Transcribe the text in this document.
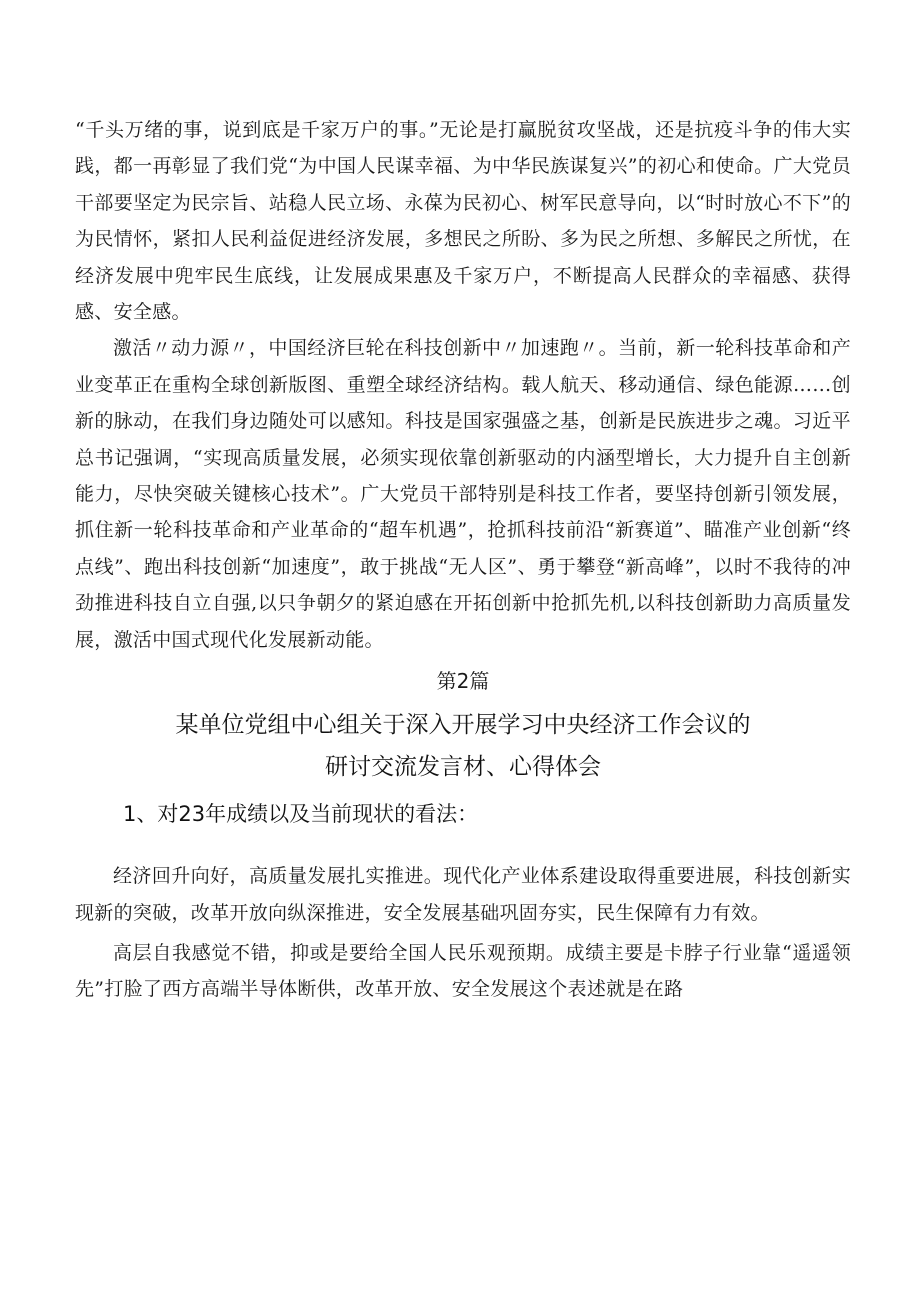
“千头万绪的事，说到底是千家万户的事。”无论是打赢脱贫攻坚战，还是抗疫斗争的伟大实践，都一再彰显了我们党“为中国人民谋幸福、为中华民族谋复兴”的初心和使命。广大党员干部要坚定为民宗旨、站稳人民立场、永葆为民初心、树军民意导向，以“时时放心不下”的为民情怀，紧扣人民利益促进经济发展，多想民之所盼、多为民之所想、多解民之所忧，在经济发展中兜牢民生底线，让发展成果惠及千家万户，不断提高人民群众的幸福感、获得感、安全感。

激活〃动力源〃，中国经济巨轮在科技创新中〃加速跑〃。当前，新一轮科技革命和产业变革正在重构全球创新版图、重塑全球经济结构。载人航天、移动通信、绿色能源……创新的脉动，在我们身边随处可以感知。科技是国家强盛之基，创新是民族进步之魂。习近平总书记强调，“实现高质量发展，必须实现依靠创新驱动的内涵型增长，大力提升自主创新能力，尽快突破关键核心技术”。广大党员干部特别是科技工作者，要坚持创新引领发展，抓住新一轮科技革命和产业革命的“超车机遇”，抢抓科技前沿“新赛道”、瞄准产业创新“终点线”、跑出科技创新“加速度”，敢于挑战“无人区”、勇于攀登“新高峰”，以时不我待的冲劲推进科技自立自强,以只争朝夕的紧迫感在开拓创新中抢抓先机,以科技创新助力高质量发展，激活中国式现代化发展新动能。

第2篇
某单位党组中心组关于深入开展学习中央经济工作会议的
研讨交流发言材、心得体会
1、对23年成绩以及当前现状的看法：

经济回升向好，高质量发展扎实推进。现代化产业体系建设取得重要进展，科技创新实现新的突破，改革开放向纵深推进，安全发展基础巩固夯实，民生保障有力有效。

高层自我感觉不错，抑或是要给全国人民乐观预期。成绩主要是卡脖子行业靠“遥遥领先”打脸了西方高端半导体断供，改革开放、安全发展这个表述就是在路
